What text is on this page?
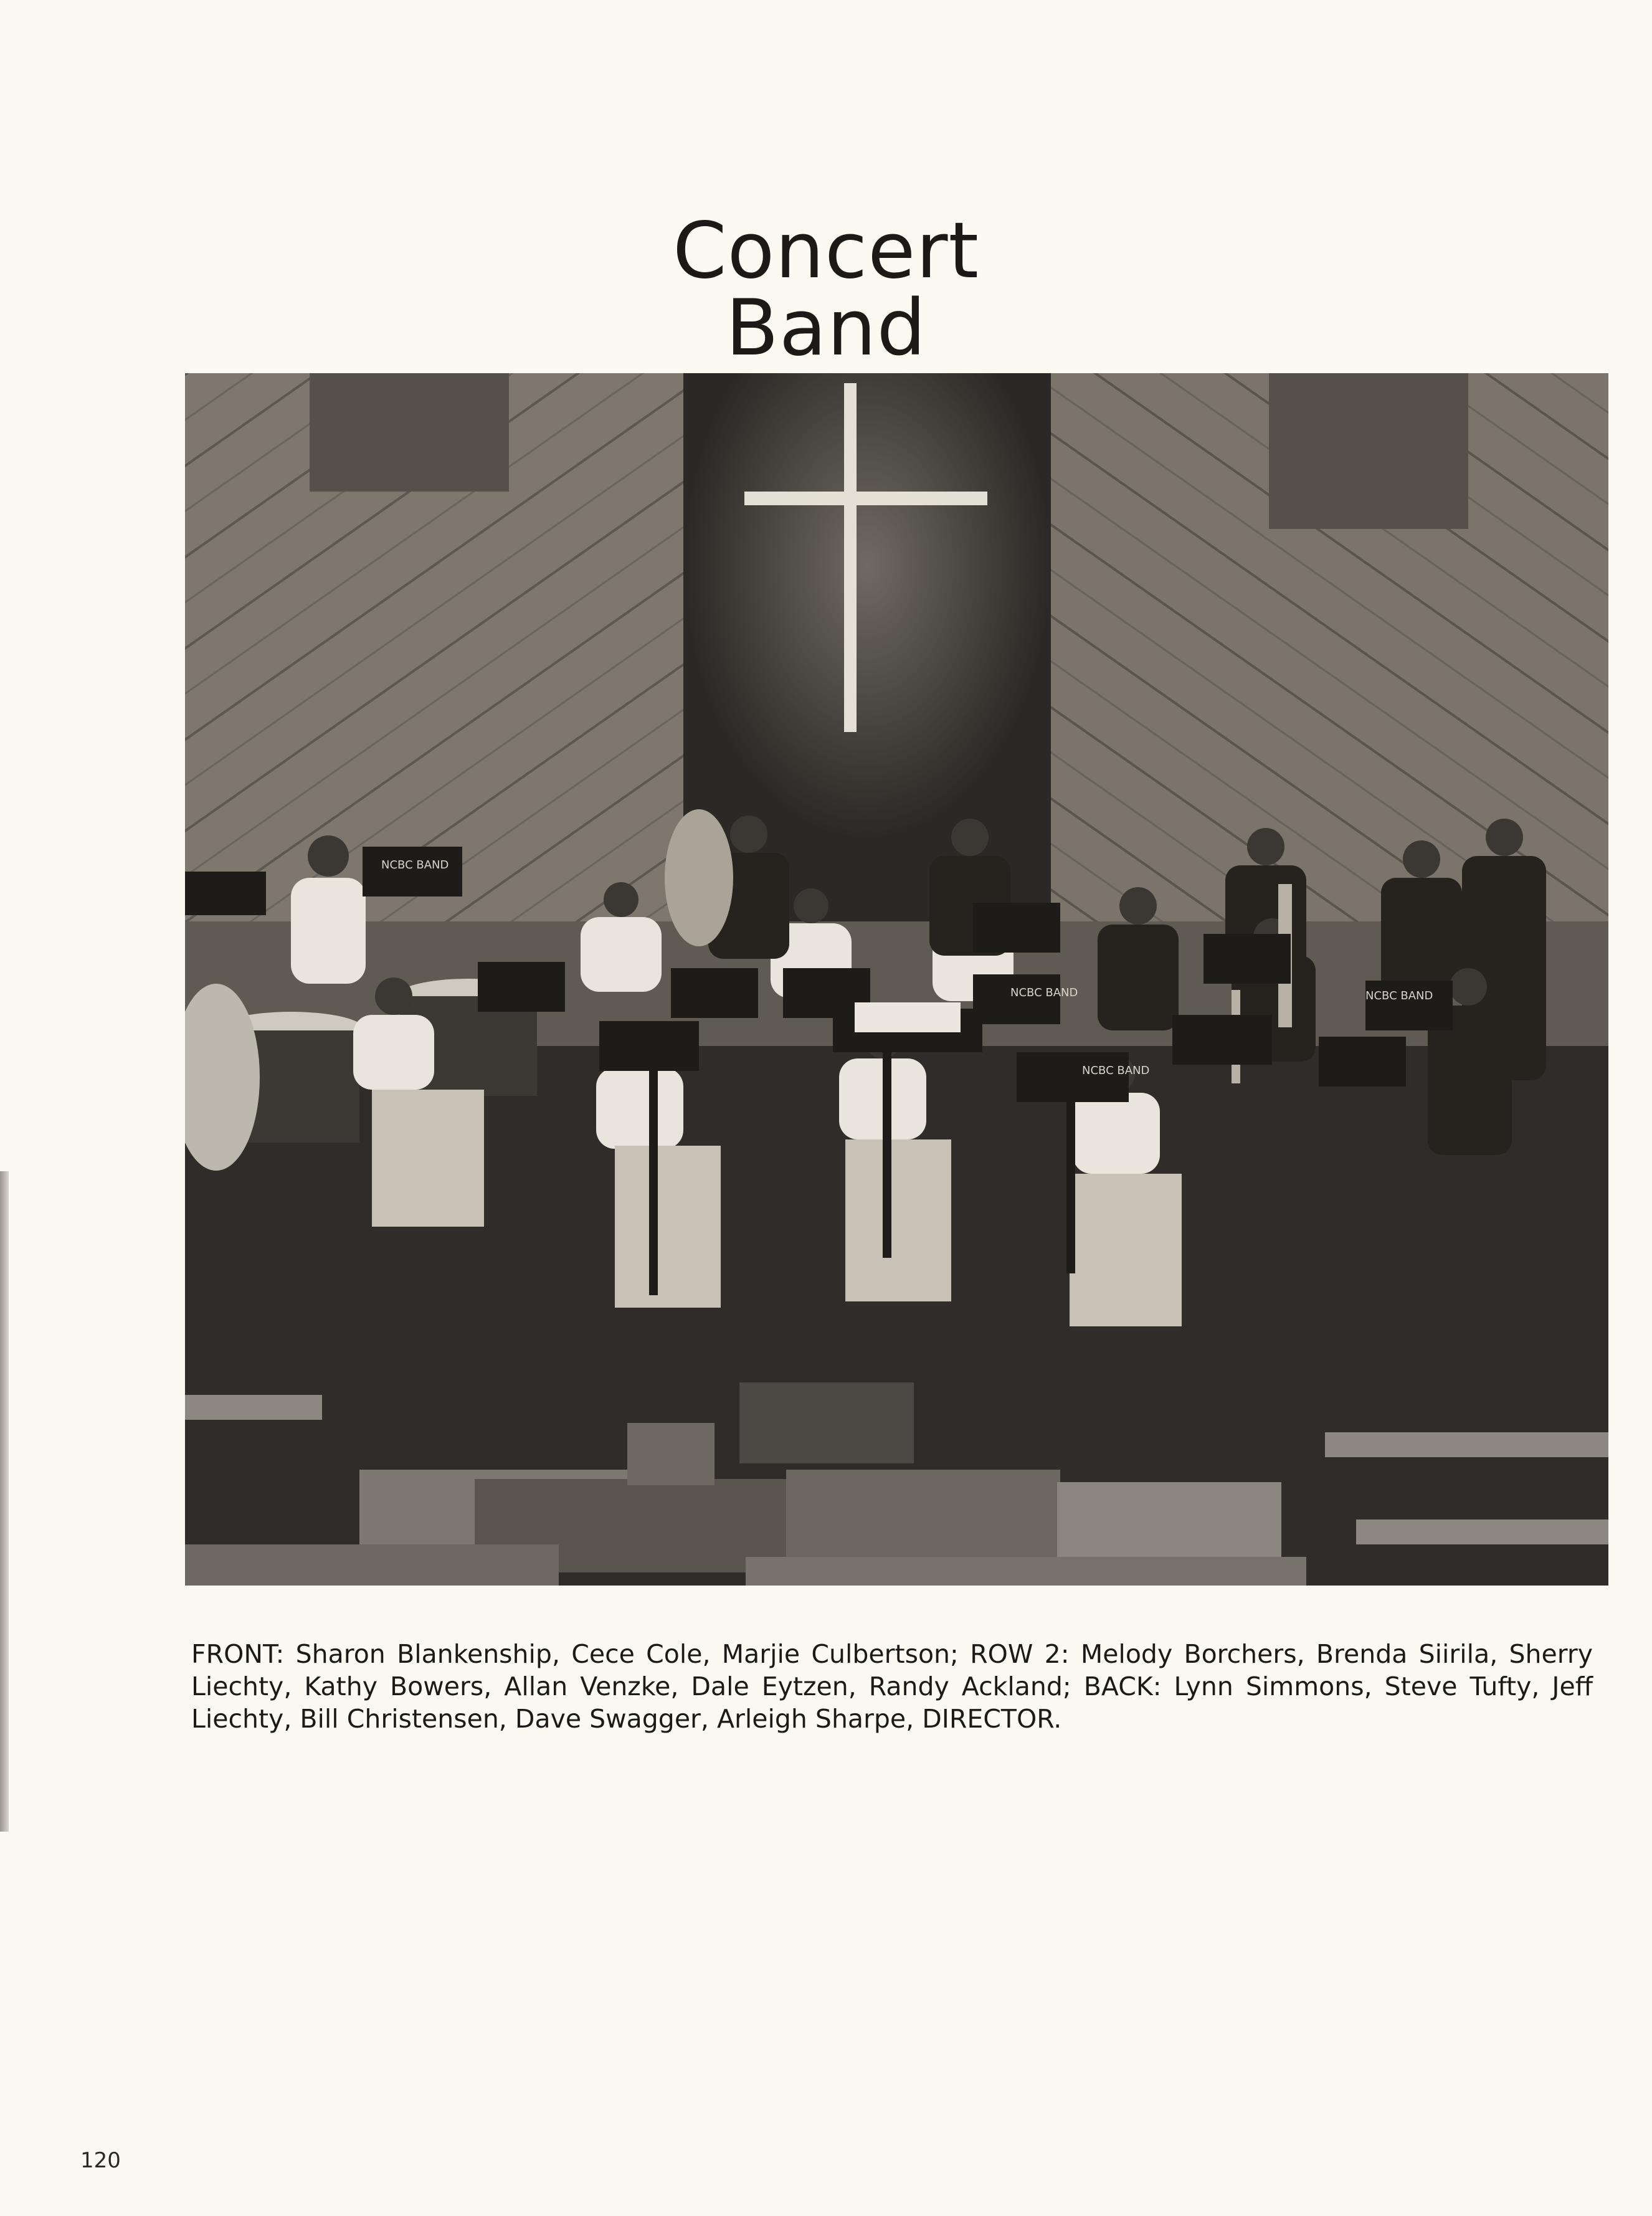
Concert
Band
NCBC BAND
NCBC BAND
NCBC BAND	NCBC BAND

FRONT: Sharon Blankenship, Cece Cole, Marjie Culbertson; ROW 2: Melody Borchers, Brenda Siirila, Sherry Liechty, Kathy Bowers, Allan Venzke, Dale Eytzen, Randy Ackland; BACK: Lynn Simmons, Steve Tufty, Jeff Liechty, Bill Christensen, Dave Swagger, Arleigh Sharpe, DIRECTOR.

120
